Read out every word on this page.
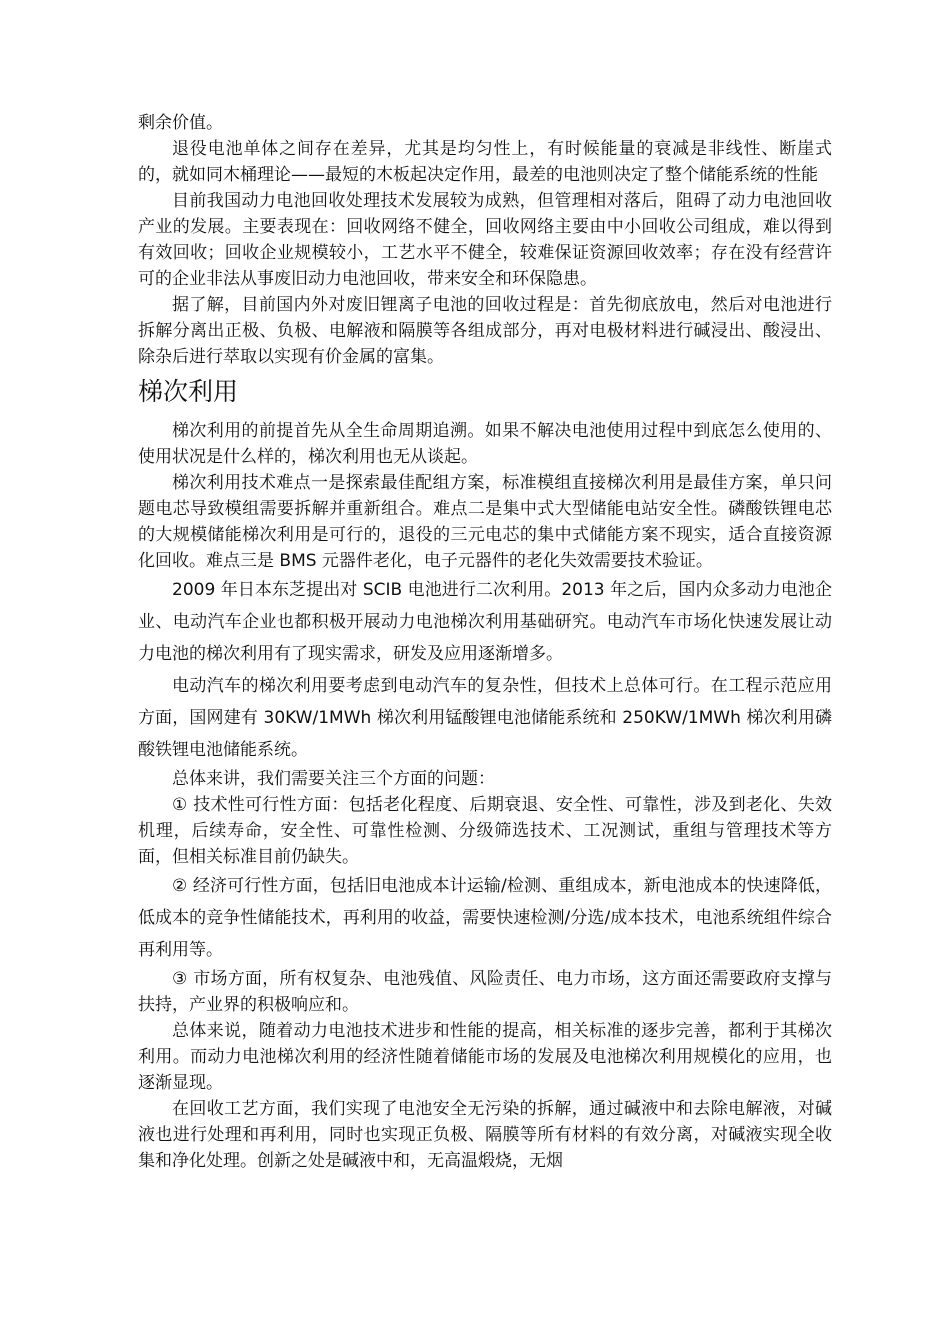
剩余价值。

退役电池单体之间存在差异，尤其是均匀性上，有时候能量的衰减是非线性、断崖式的，就如同木桶理论——最短的木板起决定作用，最差的电池则决定了整个储能系统的性能

目前我国动力电池回收处理技术发展较为成熟，但管理相对落后，阻碍了动力电池回收产业的发展。主要表现在：回收网络不健全，回收网络主要由中小回收公司组成，难以得到有效回收；回收企业规模较小，工艺水平不健全，较难保证资源回收效率；存在没有经营许可的企业非法从事废旧动力电池回收，带来安全和环保隐患。

据了解，目前国内外对废旧锂离子电池的回收过程是：首先彻底放电，然后对电池进行拆解分离出正极、负极、电解液和隔膜等各组成部分，再对电极材料进行碱浸出、酸浸出、除杂后进行萃取以实现有价金属的富集。

梯次利用

梯次利用的前提首先从全生命周期追溯。如果不解决电池使用过程中到底怎么使用的、使用状况是什么样的，梯次利用也无从谈起。

梯次利用技术难点一是探索最佳配组方案，标准模组直接梯次利用是最佳方案，单只问题电芯导致模组需要拆解并重新组合。难点二是集中式大型储能电站安全性。磷酸铁锂电芯的大规模储能梯次利用是可行的，退役的三元电芯的集中式储能方案不现实，适合直接资源化回收。难点三是 BMS 元器件老化，电子元器件的老化失效需要技术验证。

2009 年日本东芝提出对 SCIB 电池进行二次利用。2013 年之后，国内众多动力电池企业、电动汽车企业也都积极开展动力电池梯次利用基础研究。电动汽车市场化快速发展让动力电池的梯次利用有了现实需求，研发及应用逐渐增多。

电动汽车的梯次利用要考虑到电动汽车的复杂性，但技术上总体可行。在工程示范应用方面，国网建有 30KW/1MWh 梯次利用锰酸锂电池储能系统和 250KW/1MWh 梯次利用磷酸铁锂电池储能系统。

总体来讲，我们需要关注三个方面的问题：

① 技术性可行性方面：包括老化程度、后期衰退、安全性、可靠性，涉及到老化、失效机理，后续寿命，安全性、可靠性检测、分级筛选技术、工况测试，重组与管理技术等方面，但相关标准目前仍缺失。

② 经济可行性方面，包括旧电池成本计运输/检测、重组成本，新电池成本的快速降低，低成本的竞争性储能技术，再利用的收益，需要快速检测/分选/成本技术，电池系统组件综合再利用等。

③ 市场方面，所有权复杂、电池残值、风险责任、电力市场，这方面还需要政府支撑与扶持，产业界的积极响应和。

总体来说，随着动力电池技术进步和性能的提高，相关标准的逐步完善，都利于其梯次利用。而动力电池梯次利用的经济性随着储能市场的发展及电池梯次利用规模化的应用，也逐渐显现。

在回收工艺方面，我们实现了电池安全无污染的拆解，通过碱液中和去除电解液，对碱液也进行处理和再利用，同时也实现正负极、隔膜等所有材料的有效分离，对碱液实现全收集和净化处理。创新之处是碱液中和，无高温煅烧，无烟
